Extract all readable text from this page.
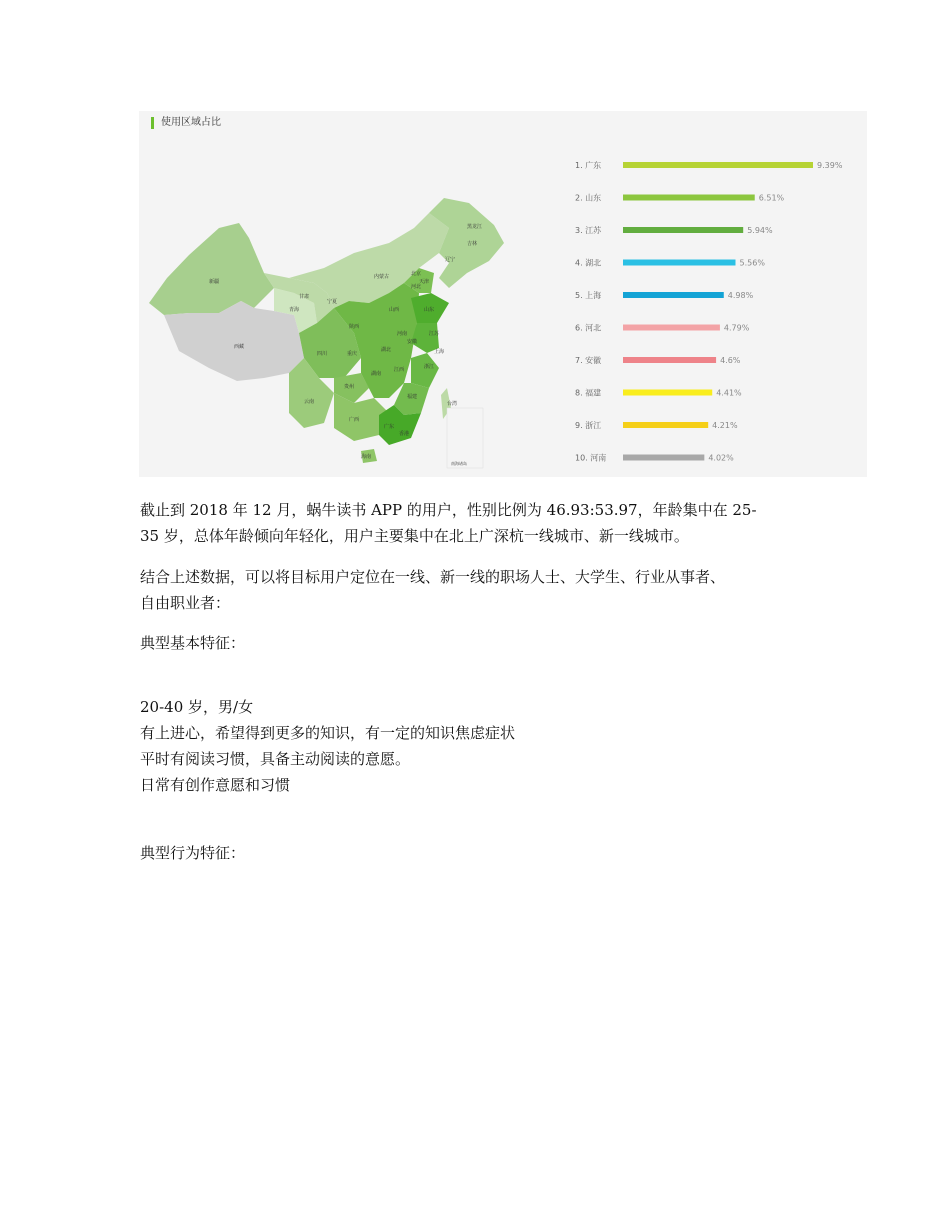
使用区域占比
新疆
西藏
青海
甘肃
内蒙古
宁夏
陕西
四川
云南
贵州
广西
湖南
湖北
江西
福建
广东
海南
香港
台湾
黑龙江
吉林
辽宁
山东
河北
山西
河南
北京
天津
重庆
安徽
浙江
上海
江苏
南海诸岛
1. 广东	9.39%
2. 山东	6.51%
3. 江苏	5.94%
4. 湖北	5.56%
5. 上海	4.98%
6. 河北	4.79%
7. 安徽	4.6%
8. 福建	4.41%
9. 浙江	4.21%
10. 河南	4.02%

截止到 2018 年 12 月，蜗牛读书 APP 的用户，性别比例为 46.93:53.97，年龄集中在 25-
35 岁，总体年龄倾向年轻化，用户主要集中在北上广深杭一线城市、新一线城市。

结合上述数据，可以将目标用户定位在一线、新一线的职场人士、大学生、行业从事者、
自由职业者：

典型基本特征：

20-40 岁，男/女
有上进心，希望得到更多的知识，有一定的知识焦虑症状
平时有阅读习惯，具备主动阅读的意愿。
日常有创作意愿和习惯

典型行为特征：
